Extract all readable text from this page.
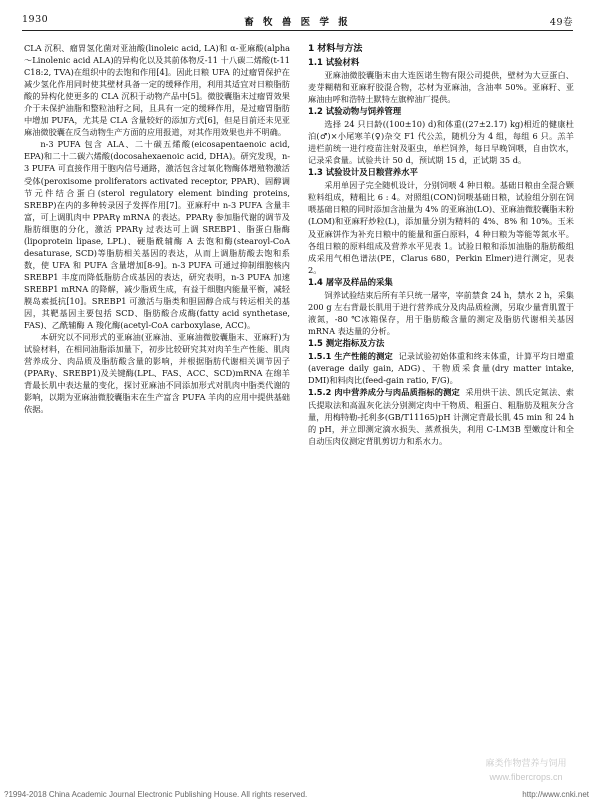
1930	畜 牧 兽 医 学 报	49卷

CLA 沉积、瘤胃氢化菌对亚油酸(linoleic acid, LA)和 α-亚麻酸(alpha～Linolenic acid ALA)的异构化以及其前体物反-11 十八碳二烯酸(t-11 C18:2, TVA)在组织中的去饱和作用[4]。因此日粮 UFA 的过瘤胃保护在减少氢化作用同时使其壁材具备一定的缓释作用，利用其适宜对日粮脂肪酸的异构化使更多的 CLA 沉积于动物产品中[5]。微胶囊脂末过瘤胃效果介于未保护油脂和整粒油籽之间，且具有一定的缓释作用，是过瘤胃脂肪中增加 PUFA，尤其是 CLA 含量较好的添加方式[6]，但是目前还未见亚麻油微胶囊在反刍动物生产方面的应用报道，对其作用效果也并不明确。

n-3 PUFA 包含 ALA、二十碳五烯酸(eicosapentaenoic acid, EPA)和二十二碳六烯酸(docosahexaenoic acid, DHA)。研究发现，n-3 PUFA 可直接作用于胞内信号通路，激活包含过氧化物酶体增殖物激活受体(peroxisome proliferators activated receptor, PPAR)、固醇调节元件结合蛋白(sterol regulatory element binding proteins, SREBP)在内的多种转录因子发挥作用[7]。亚麻籽中 n-3 PUFA 含量丰富，可上调肌肉中 PPARγ mRNA 的表达。PPARγ 参加脂代谢的调节及脂肪细胞的分化，激活 PPARγ 过表达可上调 SREBP1、脂蛋白脂酶(lipoprotein lipase, LPL)、硬脂酰辅酶 A 去饱和酶(stearoyl-CoA desaturase, SCD)等脂肪相关基因的表达，从而上调脂肪酸去饱和系数，使 UFA 和 PUFA 含量增加[8-9]。n-3 PUFA 可通过抑制细胞核内 SREBP1 丰度而降低脂肪合成基因的表达，研究表明，n-3 PUFA 加速 SREBP1 mRNA 的降解，减少脂质生成，有益于细胞内能量平衡，减轻膜岛素抵抗[10]。SREBP1 可激活与脂类和胆固醇合成与转运相关的基因，其靶基因主要包括 SCD、脂肪酸合成酶(fatty acid synthetase, FAS)、乙酰辅酶 A 羧化酶(acetyl-CoA carboxylase, ACC)。

本研究以不同形式的亚麻油(亚麻油、亚麻油微胶囊脂末、亚麻籽)为试验材料，在相同油脂添加量下，初步比较研究其对肉羊生产性能、肌肉营养成分、肉品质及脂肪酸含量的影响，并根据脂肪代谢相关调节因子(PPARγ、SREBP1)及关键酶(LPL、FAS、ACC、SCD)mRNA 在绵羊背最长肌中表达量的变化，探讨亚麻油不同添加形式对肌肉中脂类代谢的影响，以期为亚麻油微胶囊脂末在生产富含 PUFA 羊肉的应用中提供基础依据。

1 材料与方法
1.1 试验材料

亚麻油微胶囊脂末由大连医诺生物有限公司提供，壁材为大豆蛋白、麦芽糊精和亚麻籽胶混合物，芯材为亚麻油，含油率 50%。亚麻籽、亚麻油由呼和浩特土默特左旗榨油厂提供。

1.2 试验动物与饲养管理

选择 24 只日龄((100±10) d)和体重((27±2.17) kg)相近的健康杜泊(♂)×小尾寒羊(♀)杂交 F1 代公羔，随机分为 4 组，每组 6 只。羔羊进栏前统一进行疫苗注射及驱虫，单栏饲养，每日早晚饲喂，自由饮水，记录采食量。试验共计 50 d，预试期 15 d，正试期 35 d。

1.3 试验设计及日粮营养水平

采用单因子完全随机设计，分别饲喂 4 种日粮。基础日粮由全混合颗粒料组成，精粗比 6 : 4。对照组(CON)饲喂基础日粮，试验组分别在饲喂基础日粮的同时添加含油量为 4% 的亚麻油(LO)、亚麻油微胶囊脂末粉(LOM)和亚麻籽炒粒(L)，添加量分别为精料的 4%、8% 和 10%。玉米及亚麻饼作为补充日粮中的能量和蛋白原料，4 种日粮为等能等氮水平。各组日粮的原料组成及营养水平见表 1。试验日粮和添加油脂的脂肪酸组成采用气相色谱法(PE，Clarus 680，Perkin Elmer)进行测定，见表 2。

1.4 屠宰及样品的采集

饲养试验结束后所有羊只统一屠宰，宰前禁食 24 h，禁水 2 h，采集 200 g 左右背最长肌用于进行营养成分及肉品质检测，另取少量背肌置于液氮，-80 ℃冰箱保存，用于脂肪酸含量的测定及脂肪代谢相关基因 mRNA 表达量的分析。

1.5 测定指标及方法

1.5.1 生产性能的测定 记录试验初始体重和终末体重，计算平均日增重(average daily gain, ADG)、干物质采食量(dry matter intake, DMI)和料肉比(feed-gain ratio, F/G)。

1.5.2 肉中营养成分与肉品质指标的测定 采用烘干法、凯氏定氮法、索氏提取法和高温灰化法分别测定肉中干物质、粗蛋白、粗脂肪及粗灰分含量，用梅特勒-托利多(GB/T11165)pH 计测定背最长肌 45 min 和 24 h 的 pH，并立即测定滴水损失、蒸煮损失，利用 C-LM3B 型嫩度计和全自动压肉仪测定背肌剪切力和系水力。

麻类作物营养与饲用
www.fibercrops.cn
?1994-2018 China Academic Journal Electronic Publishing House. All rights reserved.	http://www.cnki.net
